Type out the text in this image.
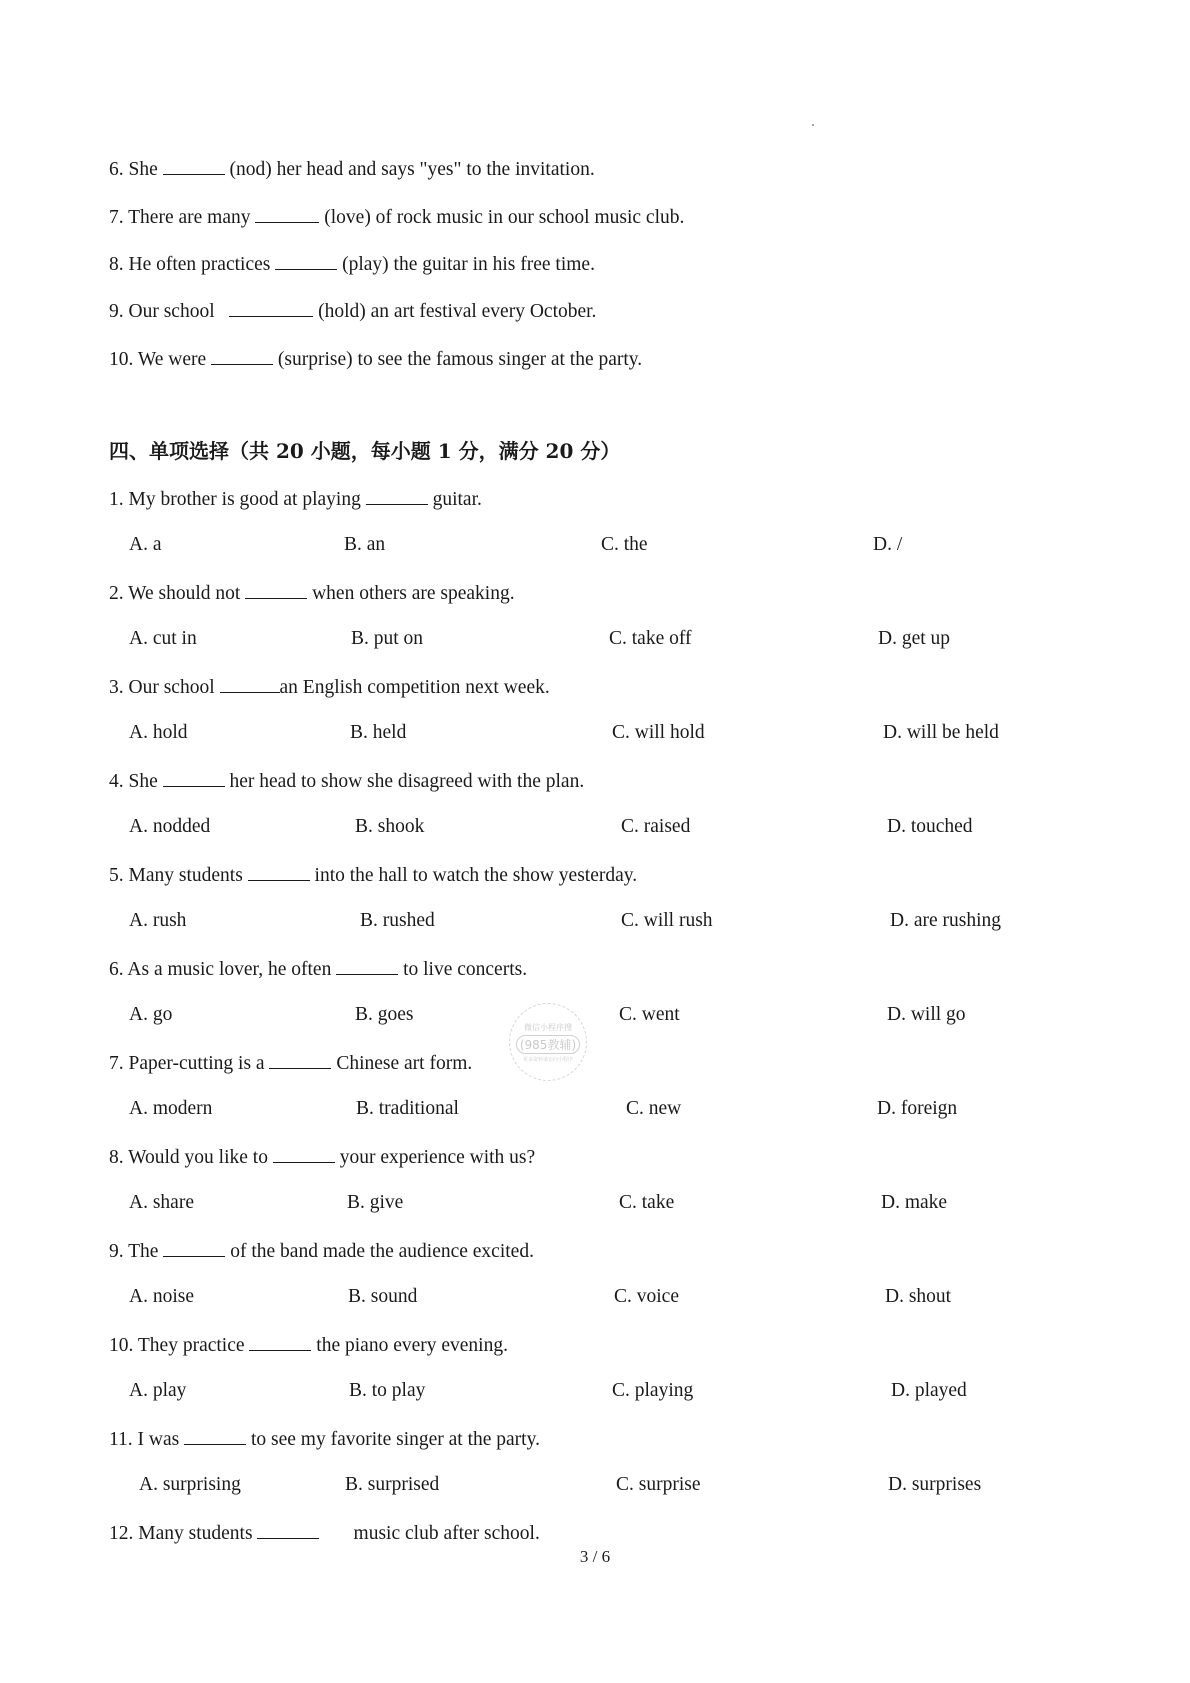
6. She	(nod) her head and says "yes" to the invitation.
7. There are many	(love) of rock music in our school music club.
8. He often practices	(play) the guitar in his free time.
9. Our school	(hold) an art festival every October.
10. We were	(surprise) to see the famous singer at the party.
四、单项选择（共 20 小题，每小题 1 分，满分 20 分）
1. My brother is good at playing	guitar.
A. a	B. an	C. the	D. /
2. We should not	when others are speaking.
A. cut in	B. put on	C. take off	D. get up
3. Our school	an English competition next week.
A. hold	B. held	C. will hold	D. will be held
4. She	her head to show she disagreed with the plan.
A. nodded	B. shook	C. raised	D. touched
5. Many students	into the hall to watch the show yesterday.
A. rush	B. rushed	C. will rush	D. are rushing
6. As a music lover, he often	to live concerts.
A. go	B. goes	C. went	D. will go
微信小程序搜
(985教辅)
更多资料请访问小程序
7. Paper-cutting is a	Chinese art form.
A. modern	B. traditional	C. new	D. foreign
8. Would you like to	your experience with us?
A. share	B. give	C. take	D. make
9. The	of the band made the audience excited.
A. noise	B. sound	C. voice	D. shout
10. They practice	the piano every evening.
A. play	B. to play	C. playing	D. played
11. I was	to see my favorite singer at the party.
A. surprising	B. surprised	C. surprise	D. surprises
12. Many students	music club after school.
3 / 6
